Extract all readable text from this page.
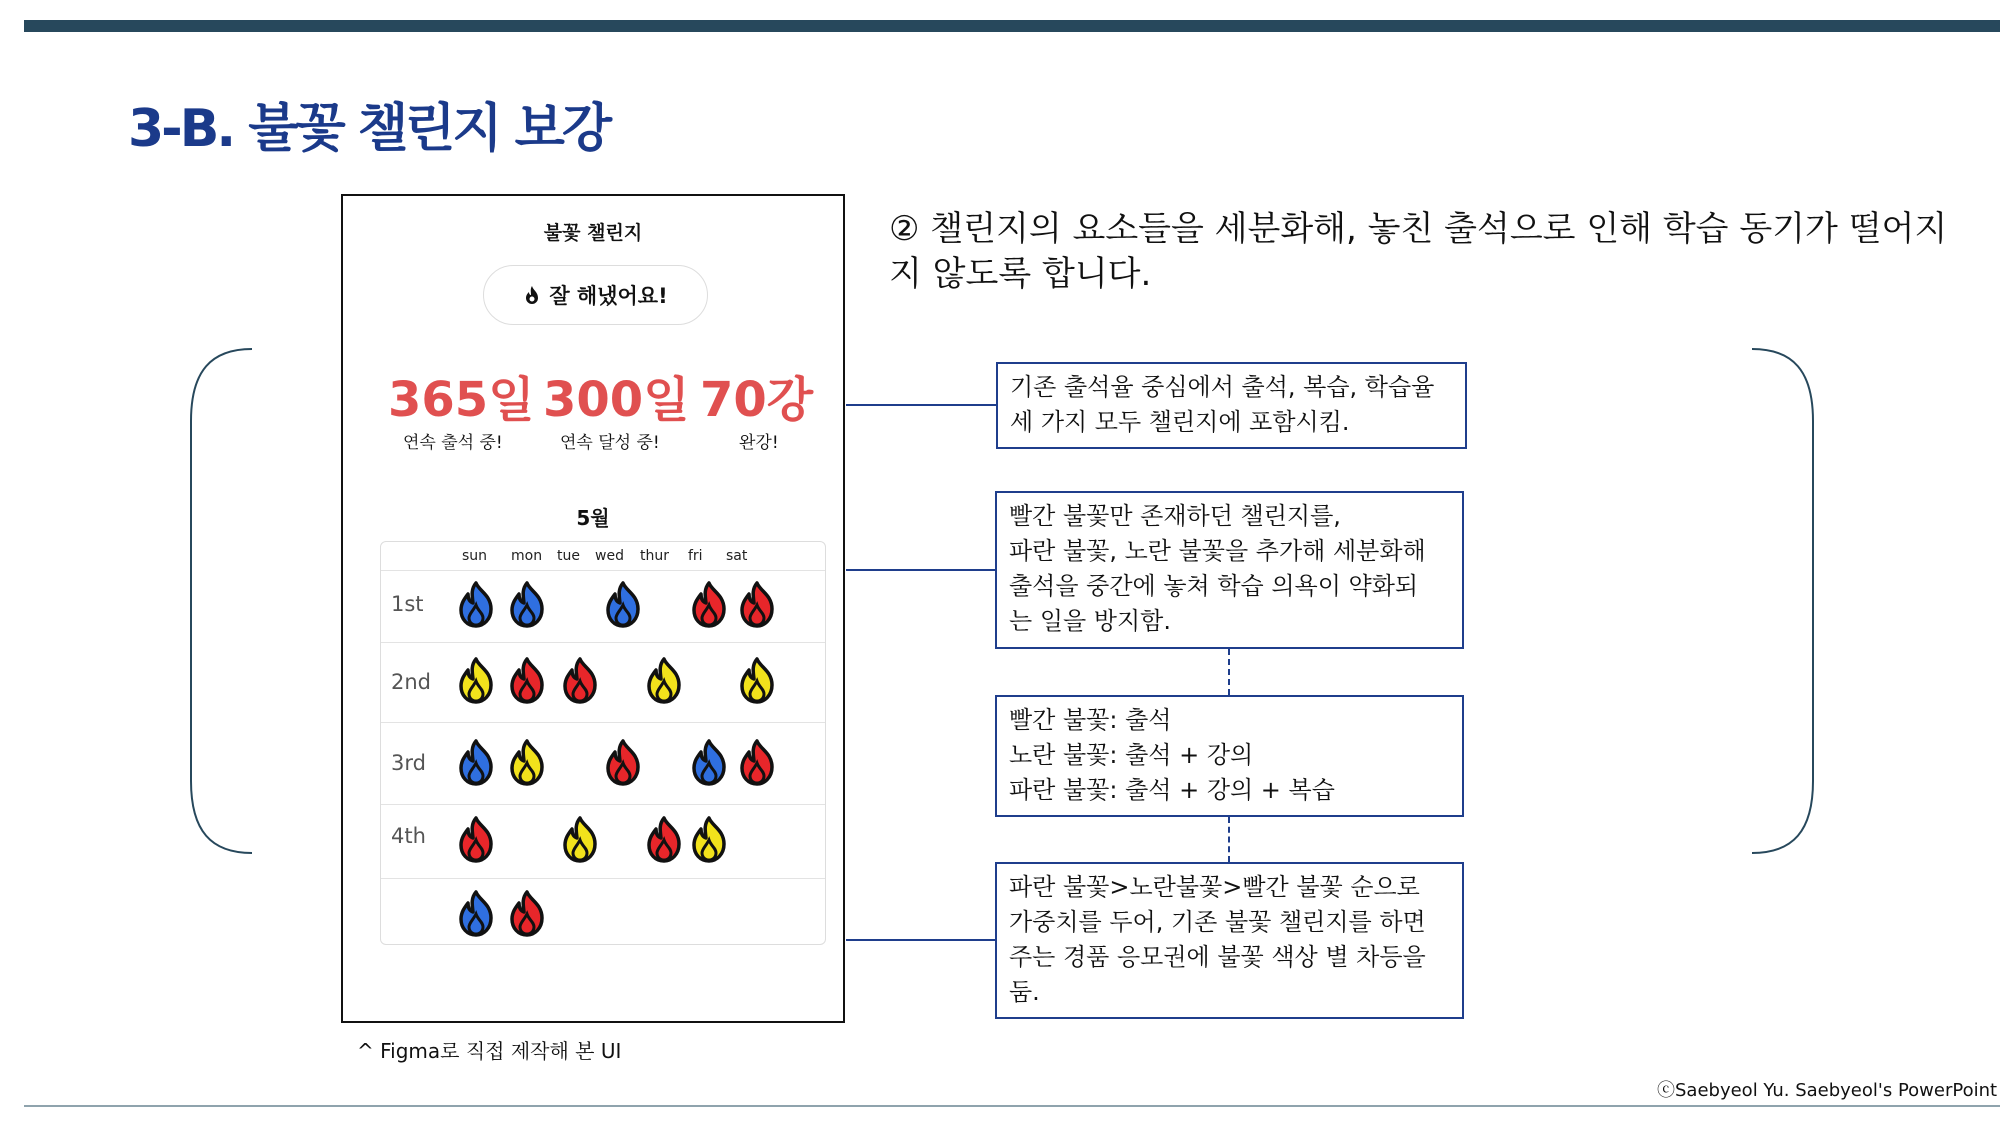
3-B. 불꽃 챌린지 보강
불꽃 챌린지
잘 해냈어요!
365일 300일 70강
연속 출석 중!	연속 달성 중!	완강!
5월
sun mon tue wed thur fri sat
1st
2nd
3rd
4th
^ Figma로 직접 제작해 본 UI
② 챌린지의 요소들을 세분화해, 놓친 출석으로 인해 학습 동기가 떨어지지 않도록 합니다.
기존 출석율 중심에서 출석, 복습, 학습율
세 가지 모두 챌린지에 포함시킴.
빨간 불꽃만 존재하던 챌린지를,
파란 불꽃, 노란 불꽃을 추가해 세분화해
출석을 중간에 놓쳐 학습 의욕이 약화되
는 일을 방지함.
빨간 불꽃: 출석
노란 불꽃: 출석 + 강의
파란 불꽃: 출석 + 강의 + 복습
파란 불꽃>노란불꽃>빨간 불꽃 순으로
가중치를 두어, 기존 불꽃 챌린지를 하면
주는 경품 응모권에 불꽃 색상 별 차등을
둠.
ⓒSaebyeol Yu. Saebyeol's PowerPoint
